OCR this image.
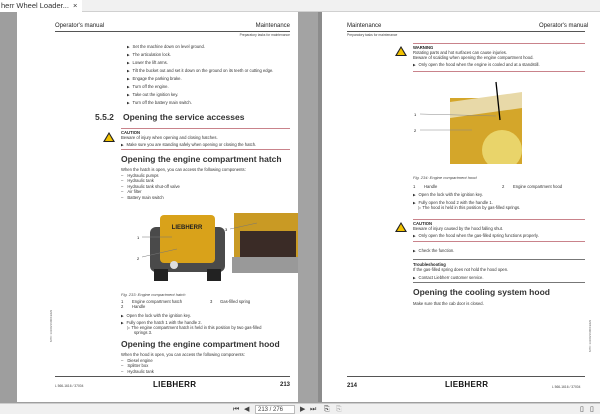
herr Wheel Loader... ×
Operator's manual	Maintenance
Preparatory tasks for maintenance
▶ Set the machine down on level ground.
▶ The articulation lock.
▶ Lower the lift arms.
▶ Tilt the bucket out and set it down on the ground on its teeth or cutting edge.
▶ Engage the parking brake.
▶ Turn off the engine.
▶ Take out the ignition key.
▶ Turn off the battery main switch.
5.5.2 Opening the service accesses
CAUTION
Beware of injury when opening and closing hatches.
▶ Make sure you are standing safely when opening or closing the hatch.
Opening the engine compartment hatch
When the hatch is open, you can access the following components:
– Hydraulic pumps
– Hydraulic tank
– Hydraulic tank shut-off valve
– Air filter
– Battery main switch
LIEBHERR
1
2
3
Fig. 233: Engine compartment hatch
1 Engine compartment hatch	3 Gas-filled spring
2 Handle
▶ Open the lock with the ignition key.
▶ Fully open the hatch 1 with the handle 2.
▷ The engine compartment hatch is held in this position by two gas-filled
springs 3.
Opening the engine compartment hood
When the hood is open, you can access the following components:
– Diesel engine
– Splitter box
– Hydraulic tank
L 566-1616 / 37004	LIEBHERR	213
MTC 13100/1600/19/EN
Maintenance	Operator's manual
Preparatory tasks for maintenance
WARNING
Rotating parts and hot surfaces can cause injuries.
Beware of scalding when opening the engine compartment hood.
▶ Only open the hood when the engine is cooled and at a standstill.
1
2
Fig. 234: Engine compartment hood
1 Handle	2 Engine compartment hood
▶ Open the lock with the ignition key.
▶ Fully open the hood 2 with the handle 1.
▷ The hood is held in this position by gas-filled springs.
CAUTION
Beware of injury caused by the hood falling shut.
▶ Only open the hood when the gas-filled spring functions properly.
▶ Check the function.
Troubleshooting
If the gas-filled spring does not hold the hood open.
▶ Contact Liebherr customer service.
Opening the cooling system hood
Make sure that the cab door is closed.
214	LIEBHERR	L 566-1616 / 37004
MTC 13100/1600/19/EN
⏮ ◀	213 / 276	▶ ⏭ ⎘ ⎘	▯ ▯
